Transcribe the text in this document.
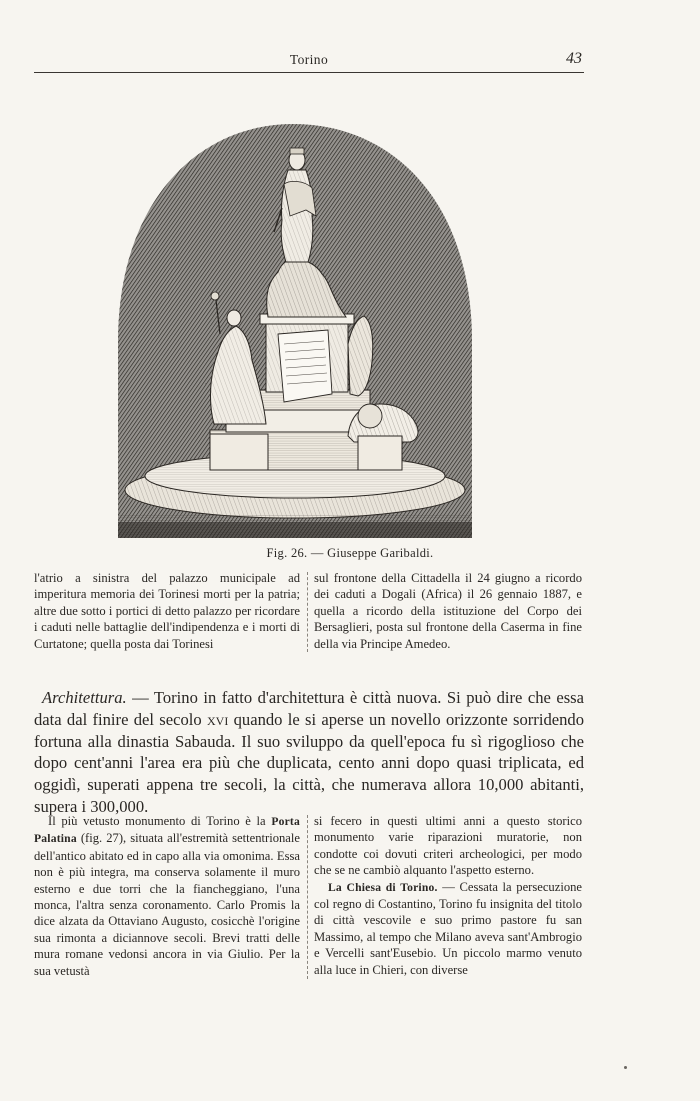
Torino	43
Fig. 26. — Giuseppe Garibaldi.

l'atrio a sinistra del palazzo municipale ad imperitura memoria dei Torinesi morti per la patria; altre due sotto i portici di detto palazzo per ricordare i caduti nelle battaglie dell'indipendenza e i morti di Curtatone; quella posta dai Torinesi

sul frontone della Cittadella il 24 giugno a ricordo dei caduti a Dogali (Africa) il 26 gennaio 1887, e quella a ricordo della istituzione del Corpo dei Bersaglieri, posta sul frontone della Caserma in fine della via Principe Amedeo.

Architettura. — Torino in fatto d'architettura è città nuova. Si può dire che essa data dal finire del secolo xvi quando le si aperse un novello orizzonte sorridendo fortuna alla dinastia Sabauda. Il suo sviluppo da quell'epoca fu sì rigoglioso che dopo cent'anni l'area era più che duplicata, cento anni dopo quasi triplicata, ed oggidì, superati appena tre secoli, la città, che numerava allora 10,000 abitanti, supera i 300,000.

Il più vetusto monumento di Torino è la Porta Palatina (fig. 27), situata all'estremità settentrionale dell'antico abitato ed in capo alla via omonima. Essa non è più integra, ma conserva solamente il muro esterno e due torri che la fiancheggiano, l'una monca, l'altra senza coronamento. Carlo Promis la dice alzata da Ottaviano Augusto, cosicchè l'origine sua rimonta a diciannove secoli. Brevi tratti delle mura romane vedonsi ancora in via Giulio. Per la sua vetustà

si fecero in questi ultimi anni a questo storico monumento varie riparazioni muratorie, non condotte coi dovuti criteri archeologici, per modo che se ne cambiò alquanto l'aspetto esterno.

La Chiesa di Torino. — Cessata la persecuzione col regno di Costantino, Torino fu insignita del titolo di città vescovile e suo primo pastore fu san Massimo, al tempo che Milano aveva sant'Ambrogio e Vercelli sant'Eusebio. Un piccolo marmo venuto alla luce in Chieri, con diverse
